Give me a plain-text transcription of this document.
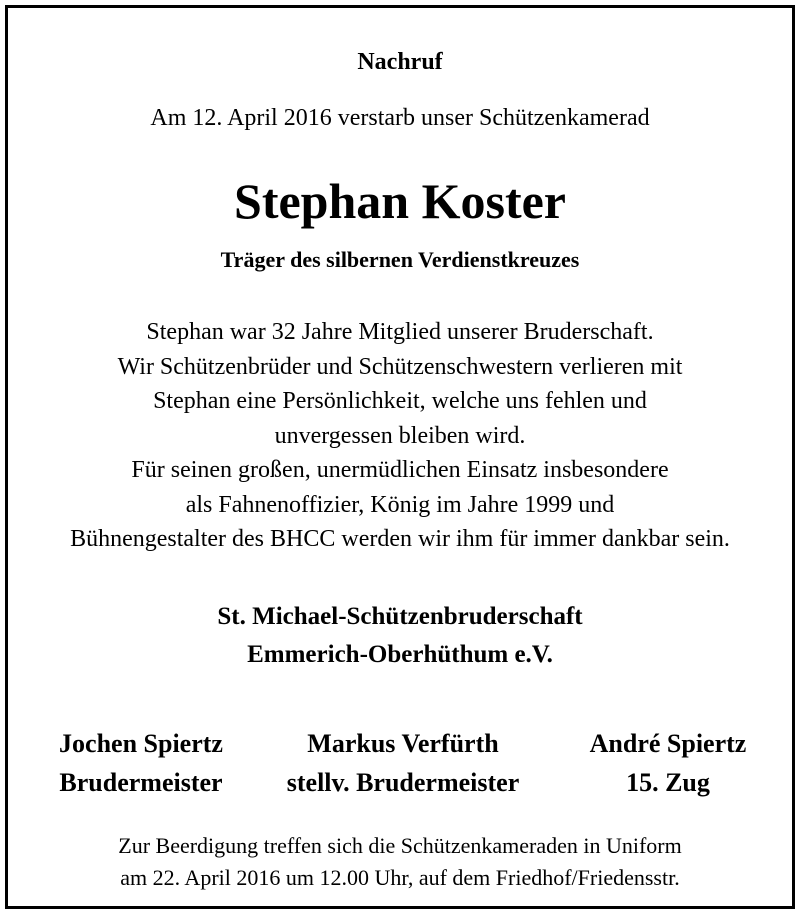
Nachruf
Am 12. April 2016 verstarb unser Schützenkamerad
Stephan Koster
Träger des silbernen Verdienstkreuzes
Stephan war 32 Jahre Mitglied unserer Bruderschaft.
Wir Schützenbrüder und Schützenschwestern verlieren mit
Stephan eine Persönlichkeit, welche uns fehlen und
unvergessen bleiben wird.
Für seinen großen, unermüdlichen Einsatz insbesondere
als Fahnenoffizier, König im Jahre 1999 und
Bühnengestalter des BHCC werden wir ihm für immer dankbar sein.
St. Michael-Schützenbruderschaft
Emmerich-Oberhüthum e.V.
Jochen Spiertz
Brudermeister
Markus Verfürth
stellv. Brudermeister
André Spiertz
15. Zug
Zur Beerdigung treffen sich die Schützenkameraden in Uniform
am 22. April 2016 um 12.00 Uhr, auf dem Friedhof/Friedensstr.
